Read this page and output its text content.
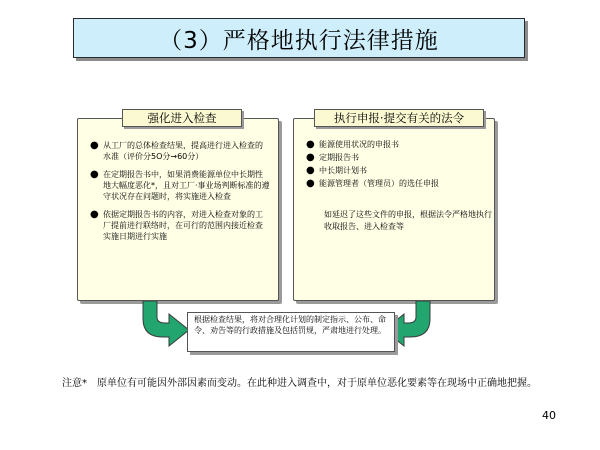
（3）严格地执行法律措施
● 从工厂的总体检查结果，提高进行进入检查的水准（评价分5O分→60分）
● 在定期报告书中，如果消费能源单位中长期性地大幅度恶化*，且对工厂·事业场判断标准的遵守状况存在问题时，将实施进入检查
● 依据定期报告书的内容，对进入检查对象的工厂提前进行联络时，在可行的范围内接近检查实施日期进行实施
强化进入检查
● 能源使用状况的申报书
● 定期报告书
● 中长期计划书
● 能源管理者（管理员）的选任申报
如延迟了这些文件的申报，根据法令严格地执行收取报告、进入检查等
执行申报·提交有关的法令
根据检查结果，将对合理化计划的制定指示、公布、命令、劝告等的行政措施及包括罚规，严肃地进行处理。
注意*　原单位有可能因外部因素而变动。在此种进入调查中，对于原单位恶化要素等在现场中正确地把握。
40
